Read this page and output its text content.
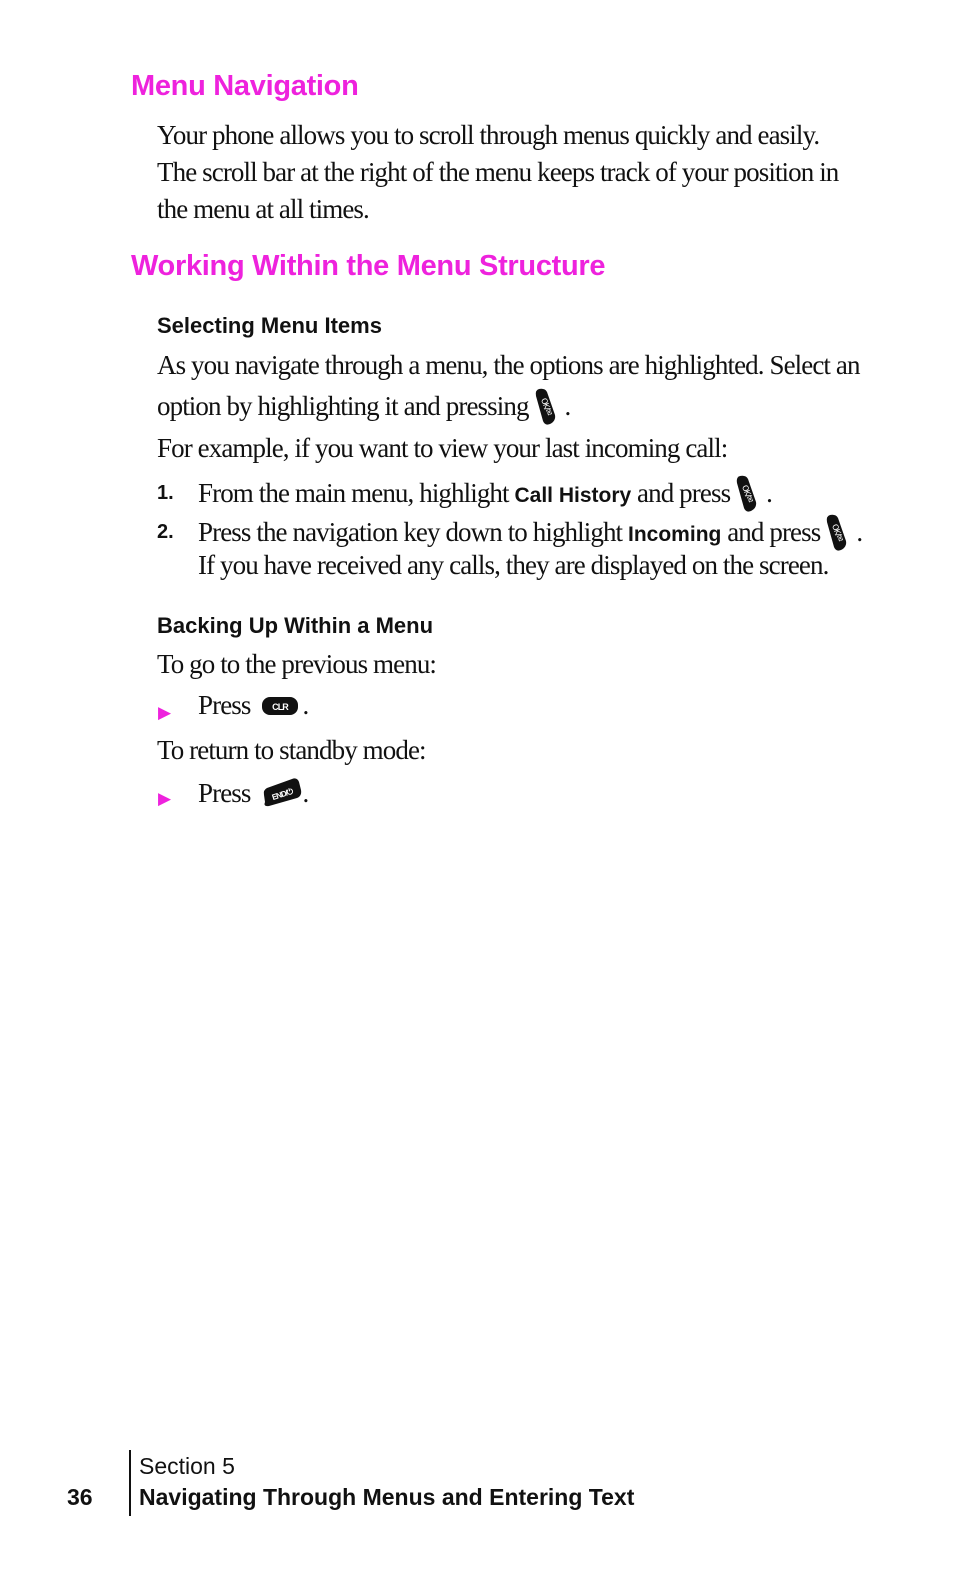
Menu Navigation
Your phone allows you to scroll through menus quickly and easily. The scroll bar at the right of the menu keeps track of your position in the menu at all times.
Working Within the Menu Structure
Selecting Menu Items
As you navigate through a menu, the options are highlighted. Select an
option by highlighting it and pressing OK/✉ .
For example, if you want to view your last incoming call:
1. From the main menu, highlight Call History and press OK/✉ .
2. Press the navigation key down to highlight Incoming and press OK/✉ .
If you have received any calls, they are displayed on the screen.
Backing Up Within a Menu
To go to the previous menu:
▶ Press CLR .
To return to standby mode:
▶ Press END/⏻ .
36
Section 5
Navigating Through Menus and Entering Text
